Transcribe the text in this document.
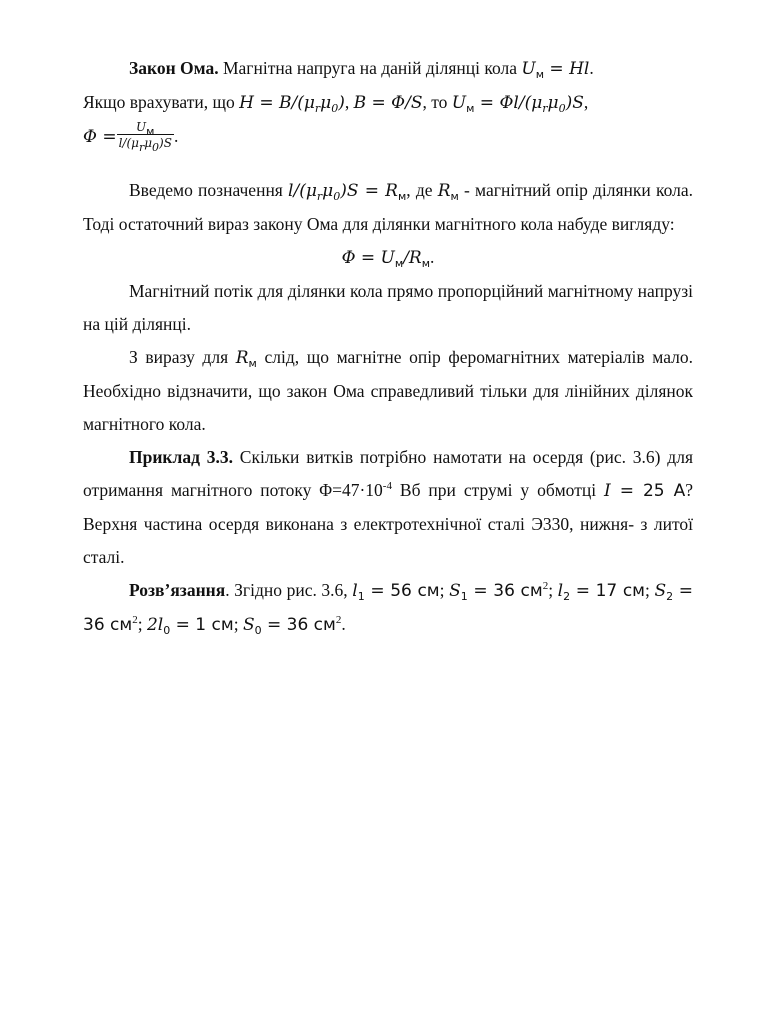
Закон Ома. Магнітна напруга на даній ділянці кола $U_м = Hl$.
Якщо врахувати, що $H = B/(\mu_r\mu_0)$, B = Φ/S, то $U_м = \Phi l/(\mu_r\mu_0)S$,

$\Phi = \frac{U_м}{l/(\mu_r\mu_0)S}$ .

Введемо позначення $l/(\mu_r\mu_0)S = R_м$, де $R_м$ - магнітний опір ділянки кола. Тоді остаточний вираз закону Ома для ділянки магнітного кола набуде вигляду:

$\Phi = U_м/R_м$.

Магнітний потік для ділянки кола прямо пропорційний магнітному напрузі на цій ділянці.

З виразу для $R_м$ слід, що магнітне опір феромагнітних матеріалів мало. Необхідно відзначити, що закон Ома справедливий тільки для лінійних ділянок магнітного кола.

Приклад 3.3. Скільки витків потрібно намотати на осердя (рис. 3.6) для отримання магнітного потоку $\Phi=47\cdot 10^{-4}$ Вб при струмі у обмотці I = 25 А? Верхня частина осердя виконана з електротехнічної сталі Э330, нижня- з литої сталі.

Розв’язання. Згідно рис. 3.6, $l_1 = 56$ см; $S_1 = 36$ $см^2$; $l_2 = 17$ см; $S_2 = 36$ $см^2$; $2l_0 = 1$ см; $S_0 = 36$ $см^2$.
